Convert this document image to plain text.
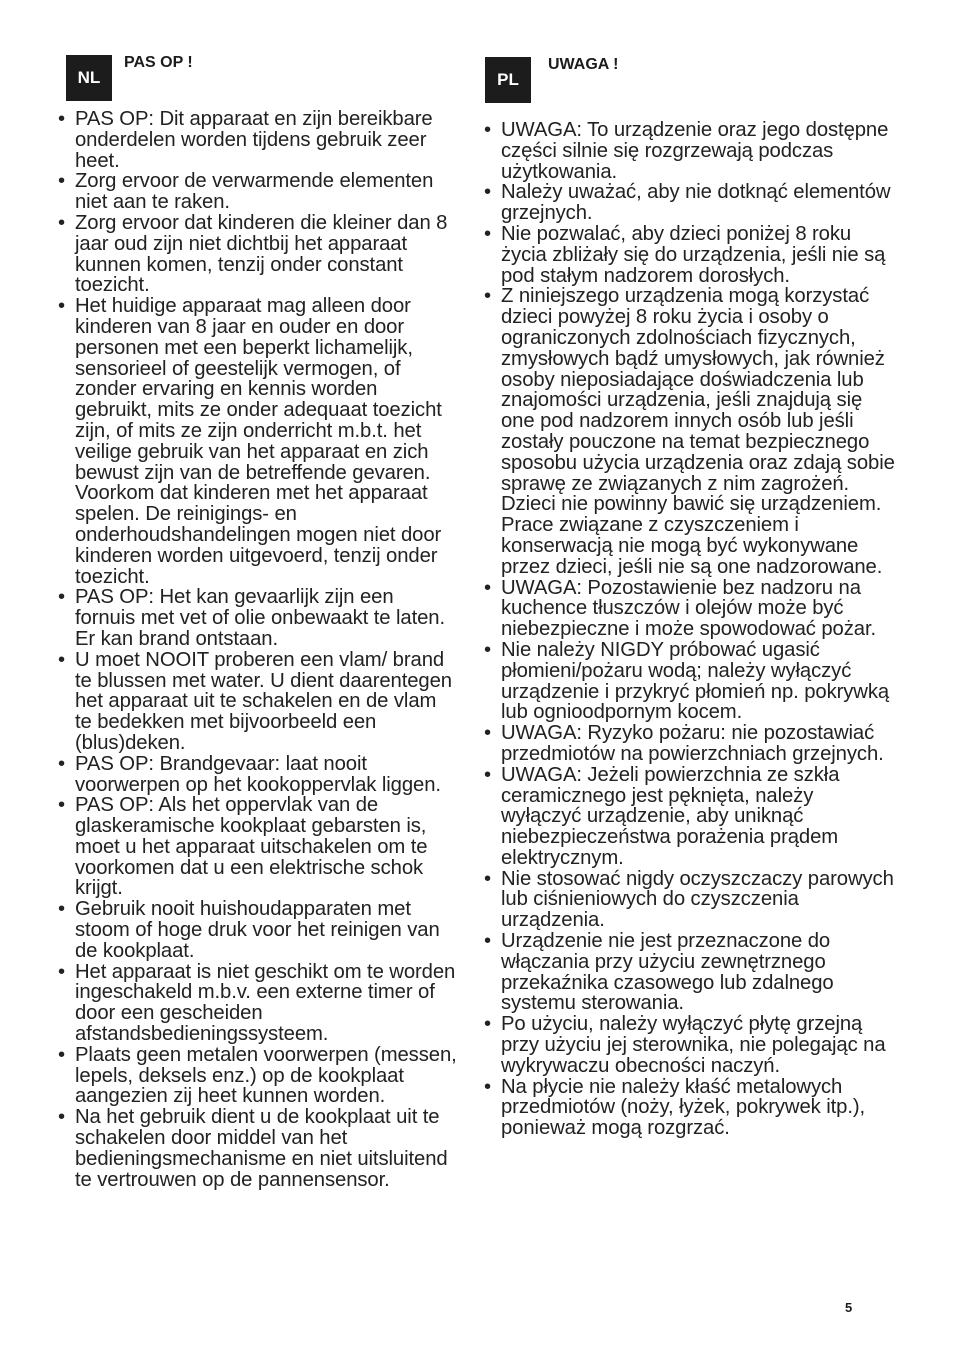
NL
PAS OP !
• PAS OP: Dit apparaat en zijn bereikbare onderdelen worden tijdens gebruik zeer heet.
• Zorg ervoor de verwarmende elementen niet aan te raken.
• Zorg ervoor dat kinderen die kleiner dan 8 jaar oud zijn niet dichtbij het apparaat kunnen komen, tenzij onder constant toezicht.
• Het huidige apparaat mag alleen door kinderen van 8 jaar en ouder en door personen met een beperkt lichamelijk, sensorieel of geestelijk vermogen, of zonder ervaring en kennis worden gebruikt, mits ze onder adequaat toezicht zijn, of mits ze zijn onderricht m.b.t. het veilige gebruik van het apparaat en zich bewust zijn van de betreffende gevaren. Voorkom dat kinderen met het apparaat spelen. De reinigings- en onderhoudshandelingen mogen niet door kinderen worden uitgevoerd, tenzij onder toezicht.
• PAS OP: Het kan gevaarlijk zijn een fornuis met vet of olie onbewaakt te laten. Er kan brand ontstaan.
• U moet NOOIT proberen een vlam/ brand te blussen met water. U dient daarentegen het apparaat uit te schakelen en de vlam te bedekken met bijvoorbeeld een (blus)deken.
• PAS OP: Brandgevaar: laat nooit voorwerpen op het kookoppervlak liggen.
• PAS OP: Als het oppervlak van de glaskeramische kookplaat gebarsten is, moet u het apparaat uitschakelen om te voorkomen dat u een elektrische schok krijgt.
• Gebruik nooit huishoudapparaten met stoom of hoge druk voor het reinigen van de kookplaat.
• Het apparaat is niet geschikt om te worden ingeschakeld m.b.v. een externe timer of door een gescheiden afstandsbedieningssysteem.
• Plaats geen metalen voorwerpen (messen, lepels, deksels enz.) op de kookplaat aangezien zij heet kunnen worden.
• Na het gebruik dient u de kookplaat uit te schakelen door middel van het bedieningsmechanisme en niet uitsluitend te vertrouwen op de pannensensor.
PL
UWAGA !
• UWAGA: To urządzenie oraz jego dostępne części silnie się rozgrzewają podczas użytkowania.
• Należy uważać, aby nie dotknąć elementów grzejnych.
• Nie pozwalać, aby dzieci poniżej 8 roku życia zbliżały się do urządzenia, jeśli nie są pod stałym nadzorem dorosłych.
• Z niniejszego urządzenia mogą korzystać dzieci powyżej 8 roku życia i osoby o ograniczonych zdolnościach fizycznych, zmysłowych bądź umysłowych, jak również osoby nieposiadające doświadczenia lub znajomości urządzenia, jeśli znajdują się one pod nadzorem innych osób lub jeśli zostały pouczone na temat bezpiecznego sposobu użycia urządzenia oraz zdają sobie sprawę ze związanych z nim zagrożeń. Dzieci nie powinny bawić się urządzeniem. Prace związane z czyszczeniem i konserwacją nie mogą być wykonywane przez dzieci, jeśli nie są one nadzorowane.
• UWAGA: Pozostawienie bez nadzoru na kuchence tłuszczów i olejów może być niebezpieczne i może spowodować pożar.
• Nie należy NIGDY próbować ugasić płomieni/pożaru wodą; należy wyłączyć urządzenie i przykryć płomień np. pokrywką lub ognioodpornym kocem.
• UWAGA: Ryzyko pożaru: nie pozostawiać przedmiotów na powierzchniach grzejnych.
• UWAGA: Jeżeli powierzchnia ze szkła ceramicznego jest pęknięta, należy wyłączyć urządzenie, aby uniknąć niebezpieczeństwa porażenia prądem elektrycznym.
• Nie stosować nigdy oczyszczaczy parowych lub ciśnieniowych do czyszczenia urządzenia.
• Urządzenie nie jest przeznaczone do włączania przy użyciu zewnętrznego przekaźnika czasowego lub zdalnego systemu sterowania.
• Po użyciu, należy wyłączyć płytę grzejną przy użyciu jej sterownika, nie polegając na wykrywaczu obecności naczyń.
• Na płycie nie należy kłaść metalowych przedmiotów (noży, łyżek, pokrywek itp.), ponieważ mogą rozgrzać.
5
